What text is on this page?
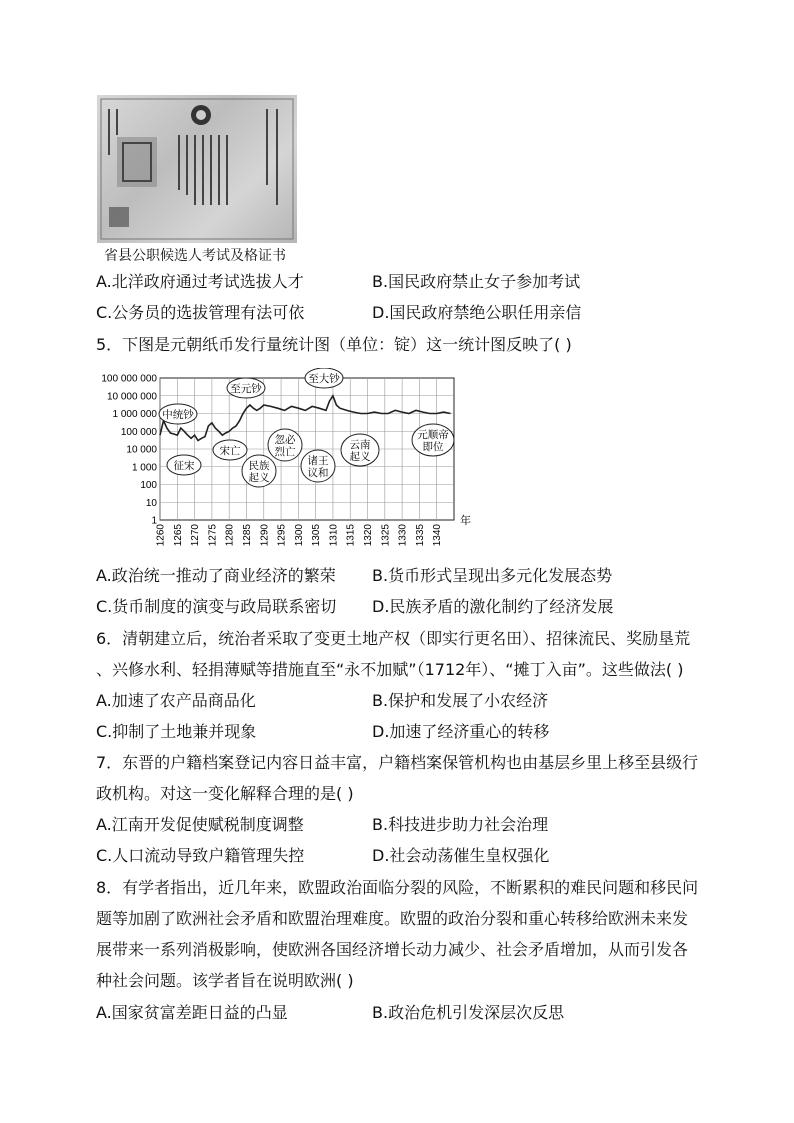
省县公职候选人考试及格证书
A.北洋政府通过考试选拔人才	B.国民政府禁止女子参加考试
C.公务员的选拔管理有法可依	D.国民政府禁绝公职任用亲信
5．下图是元朝纸币发行量统计图（单位：锭）这一统计图反映了( )
1
10
100
1 000
10 000
100 000
1 000 000
10 000 000
100 000 000
1260 1265 1270 1275 1280 1285 1290 1295 1300 1305 1310 1315 1320 1325 1330 1335 1340
年
中统钞
至元钞
至大钞
征宋
宋亡
民族
起义
忽必
烈亡
诸王
议和
云南
起义
元顺帝
即位
A.政治统一推动了商业经济的繁荣 B.货币形式呈现出多元化发展态势
C.货币制度的演变与政局联系密切 D.民族矛盾的激化制约了经济发展
6．清朝建立后，统治者采取了变更土地产权（即实行更名田）、招徕流民、奖励垦荒
、兴修水利、轻捐薄赋等措施直至“永不加赋”（1712年）、“摊丁入亩”。这些做法( )
A.加速了农产品商品化	B.保护和发展了小农经济
C.抑制了土地兼并现象	D.加速了经济重心的转移
7．东晋的户籍档案登记内容日益丰富，户籍档案保管机构也由基层乡里上移至县级行
政机构。对这一变化解释合理的是( )
A.江南开发促使赋税制度调整	B.科技进步助力社会治理
C.人口流动导致户籍管理失控	D.社会动荡催生皇权强化
8．有学者指出，近几年来，欧盟政治面临分裂的风险，不断累积的难民问题和移民问
题等加剧了欧洲社会矛盾和欧盟治理难度。欧盟的政治分裂和重心转移给欧洲未来发
展带来一系列消极影响，使欧洲各国经济增长动力减少、社会矛盾增加，从而引发各
种社会问题。该学者旨在说明欧洲( )
A.国家贫富差距日益的凸显	B.政治危机引发深层次反思
